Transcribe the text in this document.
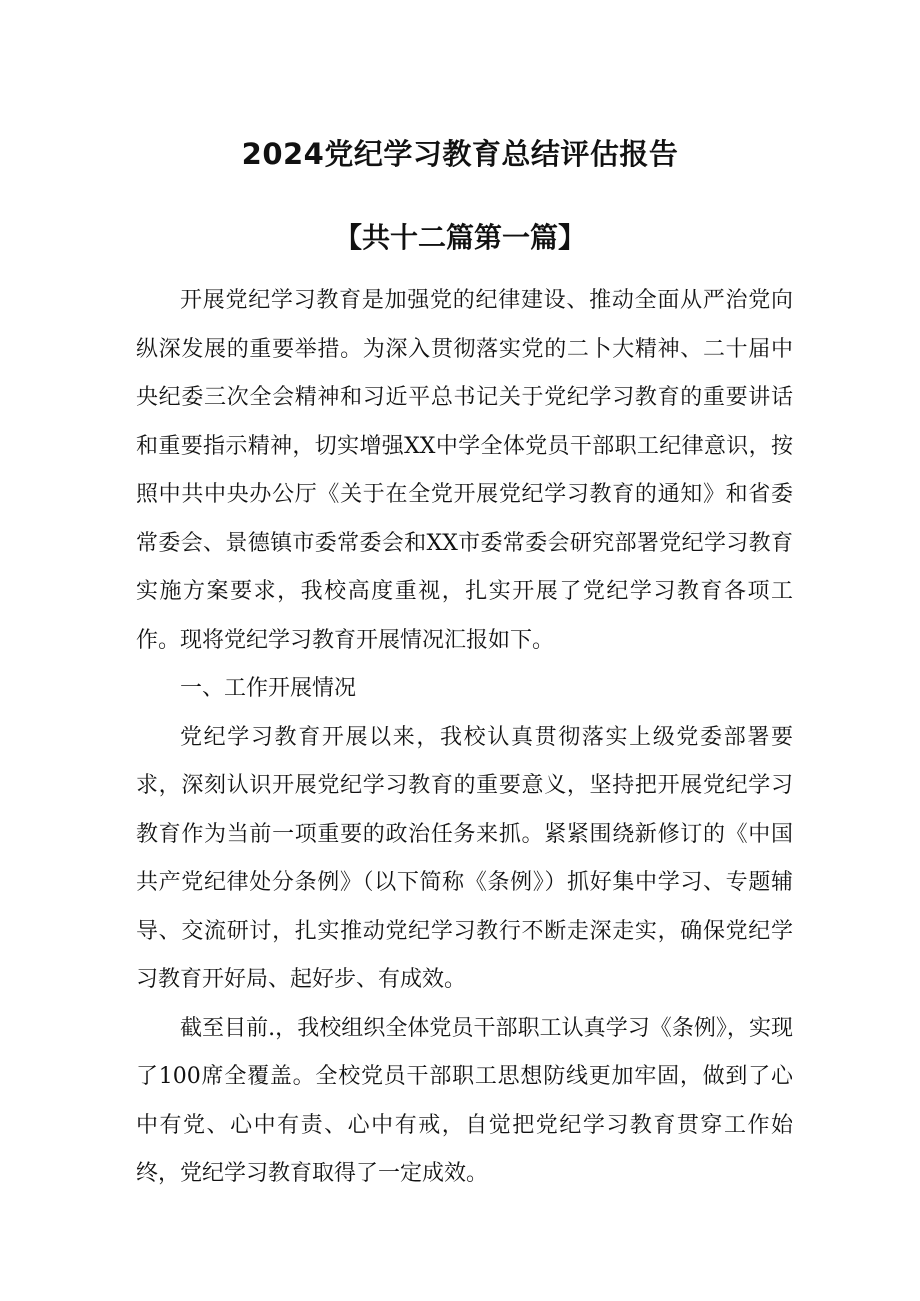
2024党纪学习教育总结评估报告
【共十二篇第一篇】

开展党纪学习教育是加强党的纪律建设、推动全面从严治党向纵深发展的重要举措。为深入贯彻落实党的二卜大精神、二十届中央纪委三次全会精神和习近平总书记关于党纪学习教育的重要讲话和重要指示精神，切实增强XX中学全体党员干部职工纪律意识，按照中共中央办公厅《关于在全党开展党纪学习教育的通知》和省委常委会、景德镇市委常委会和XX市委常委会研究部署党纪学习教育实施方案要求，我校高度重视，扎实开展了党纪学习教育各项工作。现将党纪学习教育开展情况汇报如下。

一、工作开展情况

党纪学习教育开展以来，我校认真贯彻落实上级党委部署要求，深刻认识开展党纪学习教育的重要意义，坚持把开展党纪学习教育作为当前一项重要的政治任务来抓。紧紧围绕新修订的《中国共产党纪律处分条例》（以下简称《条例》）抓好集中学习、专题辅导、交流研讨，扎实推动党纪学习教行不断走深走实，确保党纪学习教育开好局、起好步、有成效。

截至目前.，我校组织全体党员干部职工认真学习《条例》，实现了100席全覆盖。全校党员干部职工思想防线更加牢固，做到了心中有党、心中有责、心中有戒，自觉把党纪学习教育贯穿工作始终，党纪学习教育取得了一定成效。
